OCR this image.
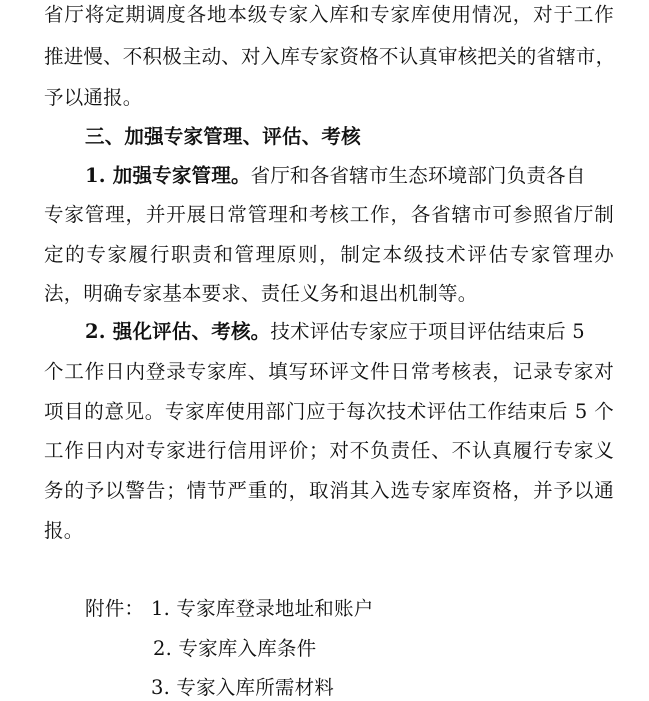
省厅将定期调度各地本级专家入库和专家库使用情况，对于工作
推进慢、不积极主动、对入库专家资格不认真审核把关的省辖市，
予以通报。
三、加强专家管理、评估、考核
1. 加强专家管理。省厅和各省辖市生态环境部门负责各自
专家管理，并开展日常管理和考核工作，各省辖市可参照省厅制
定的专家履行职责和管理原则，制定本级技术评估专家管理办
法，明确专家基本要求、责任义务和退出机制等。
2. 强化评估、考核。技术评估专家应于项目评估结束后 5
个工作日内登录专家库、填写环评文件日常考核表，记录专家对
项目的意见。专家库使用部门应于每次技术评估工作结束后 5 个
工作日内对专家进行信用评价；对不负责任、不认真履行专家义
务的予以警告；情节严重的，取消其入选专家库资格，并予以通
报。
附件： 1. 专家库登录地址和账户
2. 专家库入库条件
3. 专家入库所需材料
